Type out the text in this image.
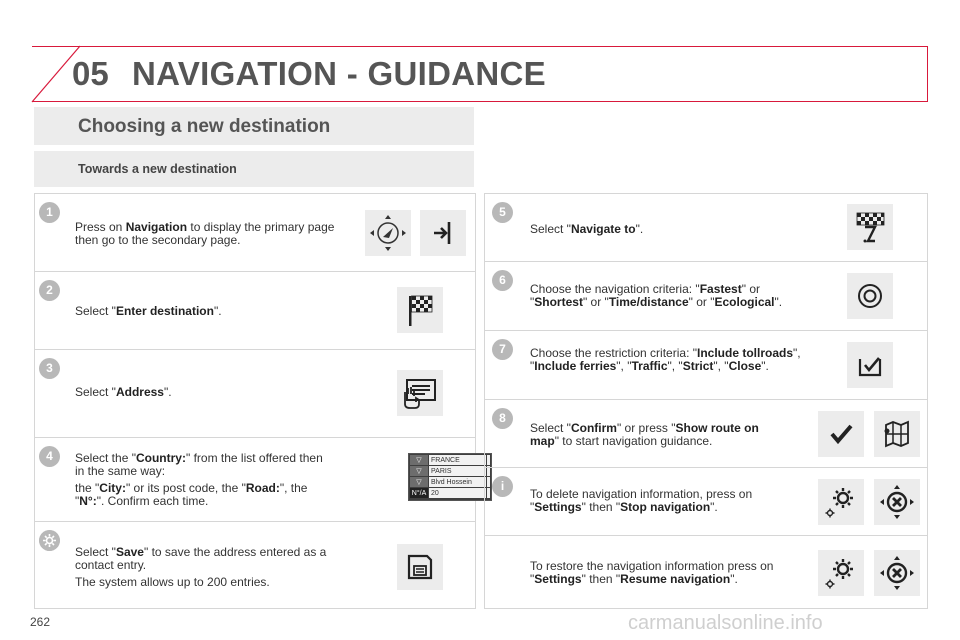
05 NAVIGATION - GUIDANCE
Choosing a new destination
Towards a new destination
1
Press on Navigation to display the primary page then go to the secondary page.
2
Select "Enter destination".
3
Select "Address".
4	Select the "Country:" from the list offered then in the same way:

the "City:" or its post code, the "Road:", the "N°:". Confirm each time.

▽	FRANCE
▽	PARIS
▽	Blvd Hossein
N°/A 20

Select "Save" to save the address entered as a contact entry.

The system allows up to 200 entries.

5
Select "Navigate to".
6
Choose the navigation criteria: "Fastest" or "Shortest" or "Time/distance" or "Ecological".
7	Choose the restriction criteria: "Include tollroads", "Include ferries", "Traffic", "Strict", "Close".
8
Select "Confirm" or press "Show route on map" to start navigation guidance.
i
To delete navigation information, press on "Settings" then "Stop navigation".
To restore the navigation information press on "Settings" then "Resume navigation".
262	carmanualsonline.info
